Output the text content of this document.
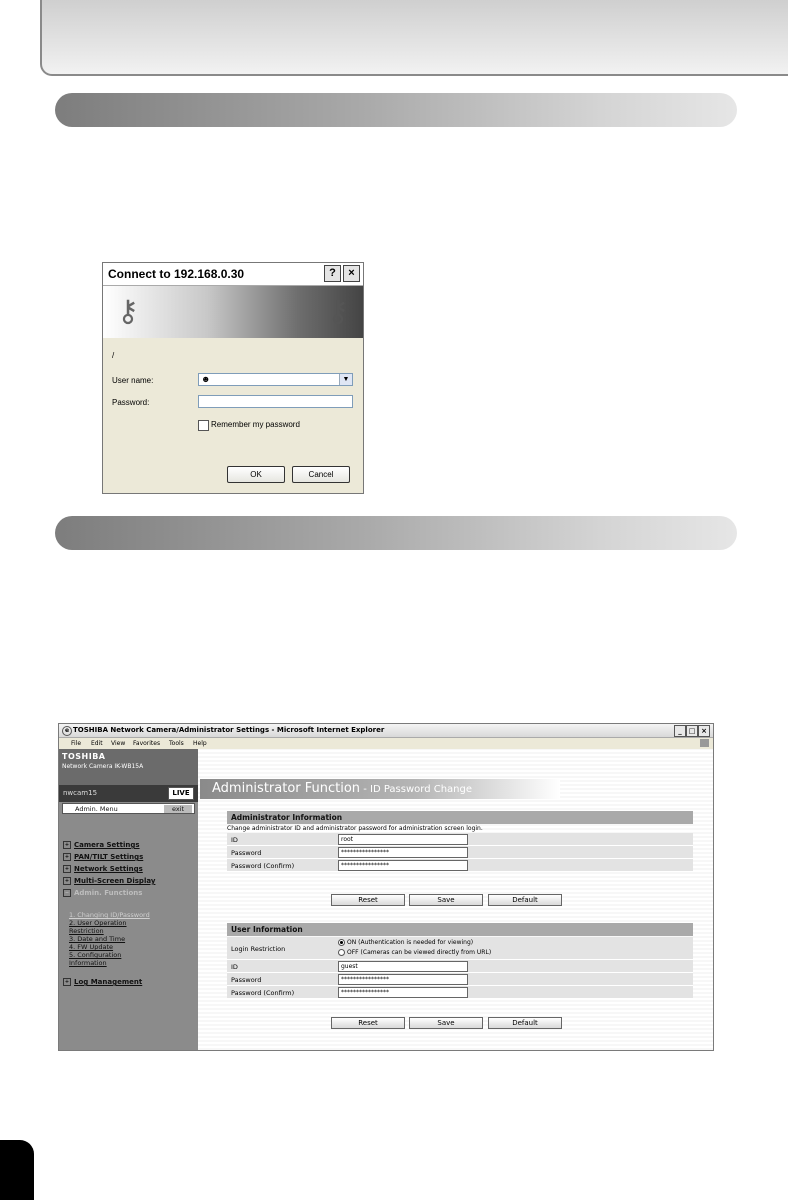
Connect to 192.168.0.30	?	×
⚷	⚷
/
User name:	☻	▼
Password:
Remember my password
OK	Cancel
e TOSHIBA Network Camera/Administrator Settings - Microsoft Internet Explorer	_ □ ×
File Edit View Favorites Tools Help
TOSHIBA
Network Camera IK-WB15A
nwcam15	LIVE
Admin. Menu	exit
+ Camera Settings
+ PAN/TILT Settings
+ Network Settings
+ Multi-Screen Display
− Admin. Functions
1. Changing ID/Password
2. User Operation
Restriction
3. Date and Time
4. FW Update
5. Configuration
Information
+ Log Management
Administrator Function - ID Password Change
Administrator Information
Change administrator ID and administrator password for administration screen login.
ID	root
Password	****************
Password (Confirm)	****************
Reset	Save	Default
User Information
Login Restriction
ON (Authentication is needed for viewing)
OFF (Cameras can be viewed directly from URL)
ID	guest
Password	****************
Password (Confirm)	****************
Reset	Save	Default
